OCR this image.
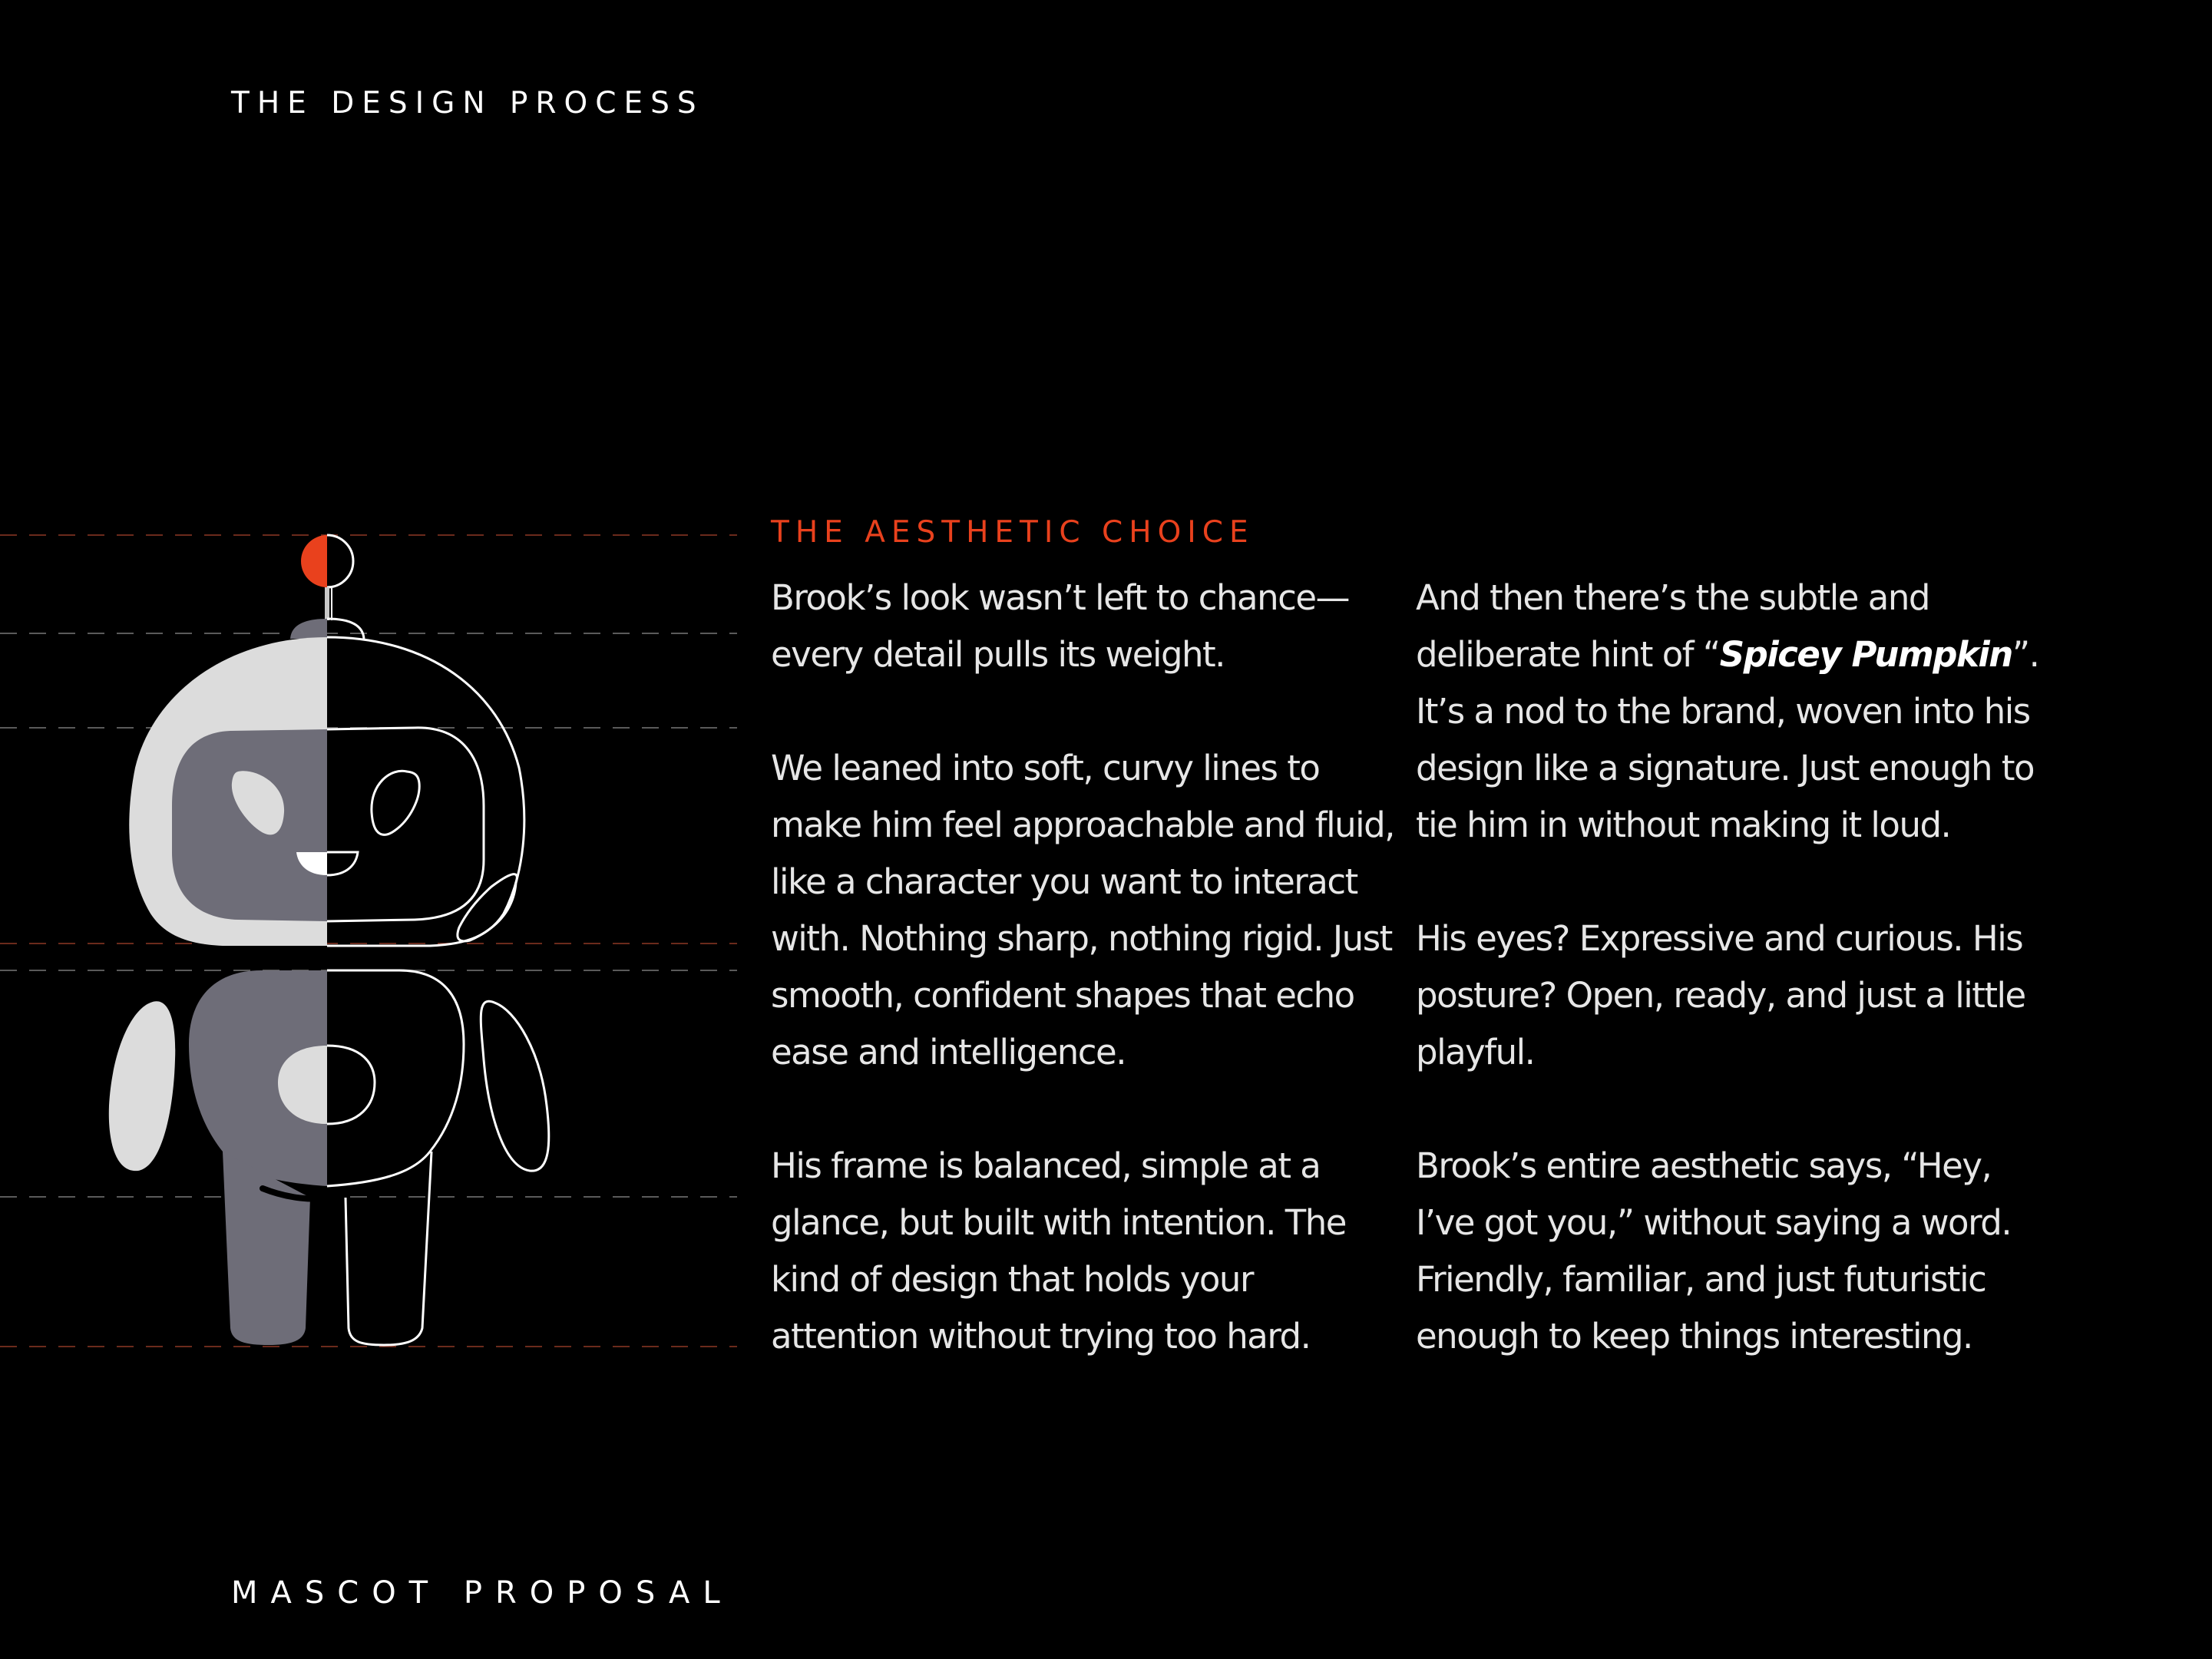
THE DESIGN PROCESS
THE AESTHETIC CHOICE

Brook’s look wasn’t left to chance—every detail pulls its weight.

We leaned into soft, curvy lines to make him feel approachable and fluid, like a character you want to interact with. Nothing sharp, nothing rigid. Just smooth, confident shapes that echo ease and intelligence.

His frame is balanced, simple at a glance, but built with intention. The kind of design that holds your attention without trying too hard.

And then there’s the subtle and deliberate hint of “Spicey Pumpkin”. It’s a nod to the brand, woven into his design like a signature. Just enough to tie him in without making it loud.

His eyes? Expressive and curious. His posture? Open, ready, and just a little playful.

Brook’s entire aesthetic says, “Hey, I’ve got you,” without saying a word. Friendly, familiar, and just futuristic enough to keep things interesting.

MASCOT PROPOSAL
